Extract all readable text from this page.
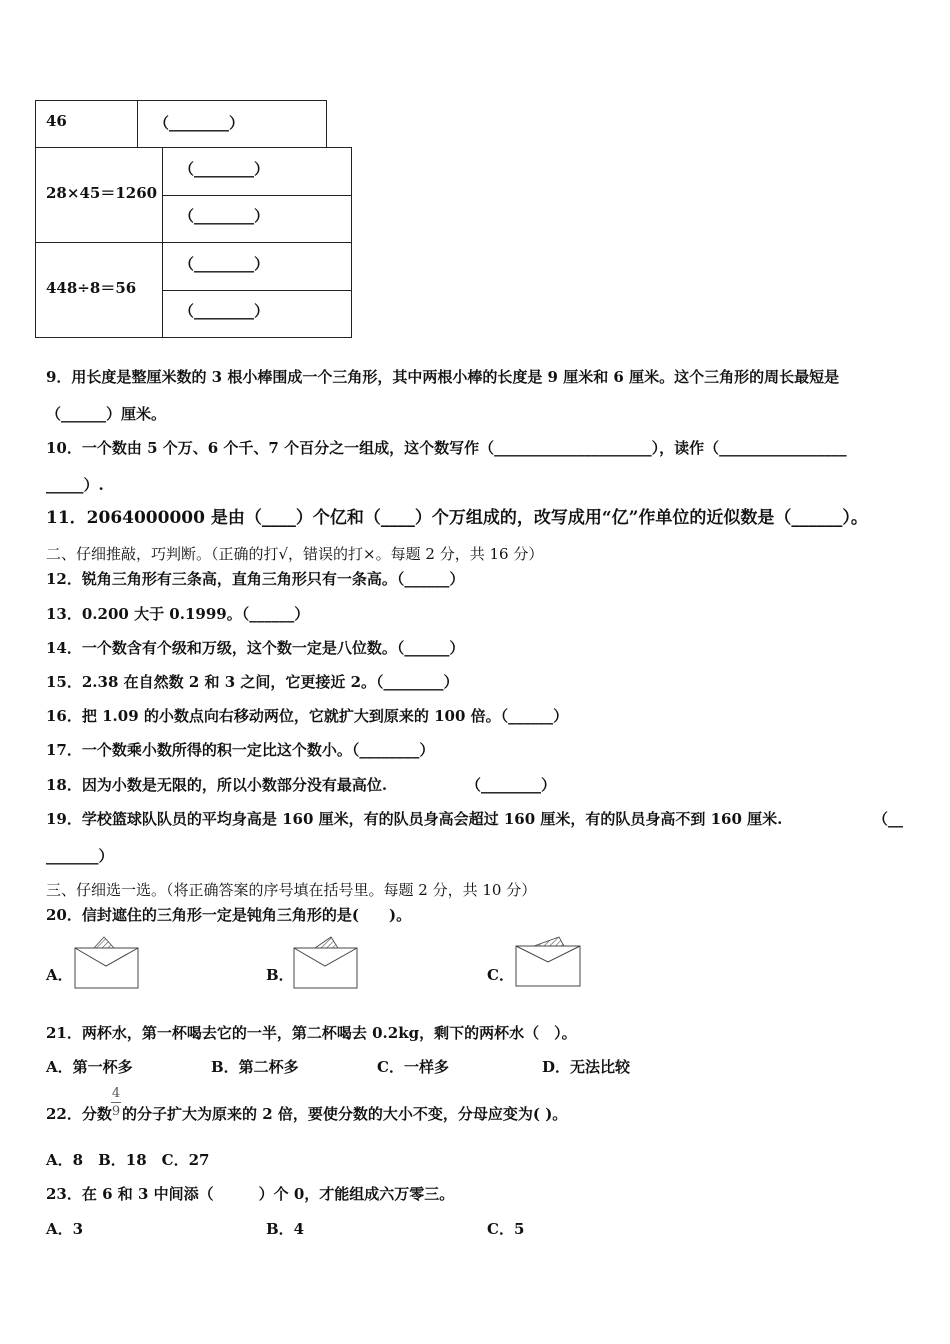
46	（________）
28×45＝1260
（________）
（________）
448÷8＝56
（________）
（________）
9．用长度是整厘米数的 3 根小棒围成一个三角形，其中两根小棒的长度是 9 厘米和 6 厘米。这个三角形的周长最短是
（______）厘米。
10．一个数由 5 个万、6 个千、7 个百分之一组成，这个数写作（_____________________），读作（_________________
_____）.
11．2064000000 是由（____）个亿和（____）个万组成的，改写成用“亿”作单位的近似数是（______）。
二、仔细推敲，巧判断。（正确的打√，错误的打×。每题 2 分，共 16 分）
12．锐角三角形有三条高，直角三角形只有一条高。（______）
13．0.200 大于 0.1999。（______）
14．一个数含有个级和万级，这个数一定是八位数。（______）
15．2.38 在自然数 2 和 3 之间，它更接近 2。（________）
16．把 1.09 的小数点向右移动两位，它就扩大到原来的 100 倍。（______）
17．一个数乘小数所得的积一定比这个数小。（________）
18．因为小数是无限的，所以小数部分没有最高位.	（________）
19．学校篮球队队员的平均身高是 160 厘米，有的队员身高会超过 160 厘米，有的队员身高不到 160 厘米.	（__
_______）
三、仔细选一选。（将正确答案的序号填在括号里。每题 2 分，共 10 分）
20．信封遮住的三角形一定是钝角三角形的是(　　)。
A．	B．	C．
21．两杯水，第一杯喝去它的一半，第二杯喝去 0.2kg，剩下的两杯水（　）。
A．第一杯多	B．第二杯多	C．一样多	D．无法比较
22．分数
4
9 的分子扩大为原来的 2 倍，要使分数的大小不变，分母应变为( )。
A．8　B．18　C．27
23．在 6 和 3 中间添（　　　）个 0，才能组成六万零三。
A．3	B．4	C．5
